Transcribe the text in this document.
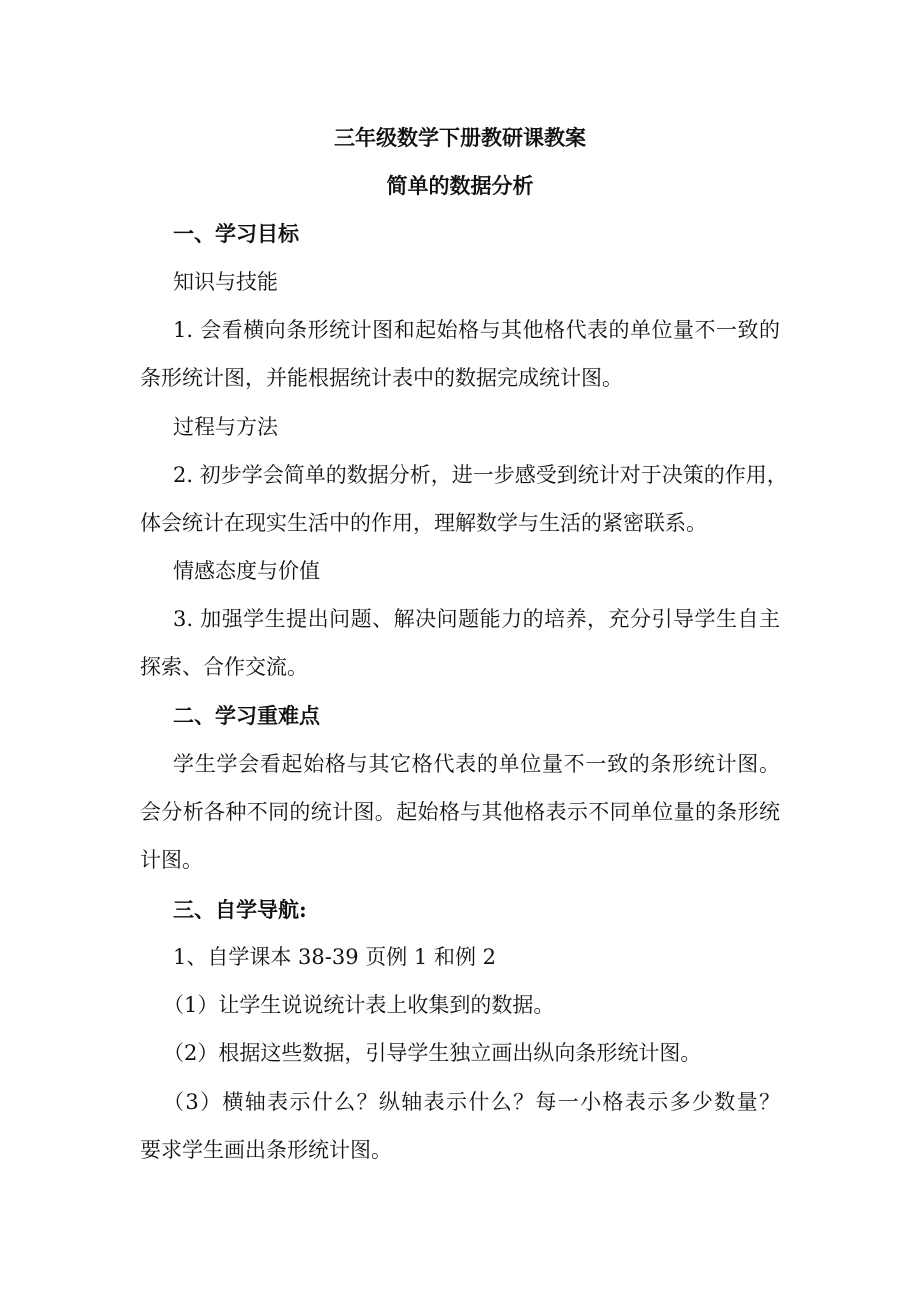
三年级数学下册教研课教案
简单的数据分析
一、学习目标
知识与技能
1. 会看横向条形统计图和起始格与其他格代表的单位量不一致的
条形统计图，并能根据统计表中的数据完成统计图。
过程与方法
2. 初步学会简单的数据分析，进一步感受到统计对于决策的作用，
体会统计在现实生活中的作用，理解数学与生活的紧密联系。
情感态度与价值
3. 加强学生提出问题、解决问题能力的培养，充分引导学生自主
探索、合作交流。
二、学习重难点
学生学会看起始格与其它格代表的单位量不一致的条形统计图。
会分析各种不同的统计图。起始格与其他格表示不同单位量的条形统
计图。
三、自学导航:
1、自学课本 38-39 页例 1 和例 2
（1）让学生说说统计表上收集到的数据。
（2）根据这些数据，引导学生独立画出纵向条形统计图。
（3）横轴表示什么？纵轴表示什么？每一小格表示多少数量？
要求学生画出条形统计图。
